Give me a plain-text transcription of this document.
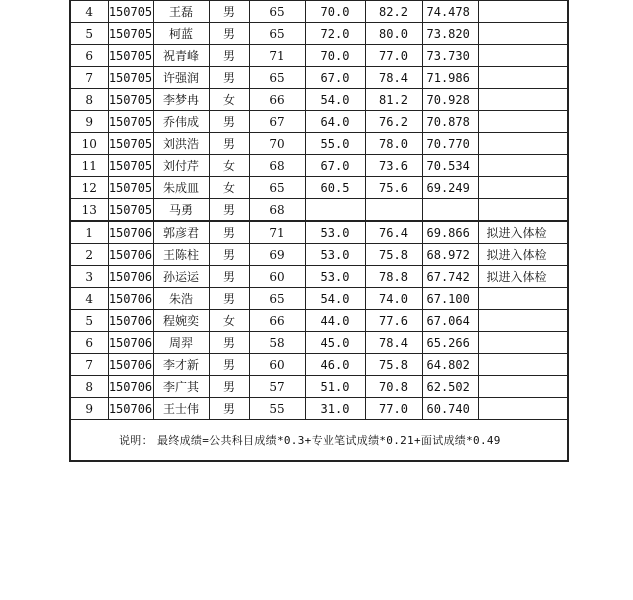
4	150705	王磊	男	65	70.0	82.2	74.478	
5	150705	柯蓝	男	65	72.0	80.0	73.820	
6	150705	祝青峰	男	71	70.0	77.0	73.730	
7	150705	许强润	男	65	67.0	78.4	71.986	
8	150705	李梦冉	女	66	54.0	81.2	70.928	
9	150705	乔伟成	男	67	64.0	76.2	70.878	
10	150705	刘洪浩	男	70	55.0	78.0	70.770	
11	150705	刘付芹	女	68	67.0	73.6	70.534	
12	150705	朱成皿	女	65	60.5	75.6	69.249	
13	150705	马勇	男	68				
1	150706	郭彦君	男	71	53.0	76.4	69.866	拟进入体检
2	150706	王陈柱	男	69	53.0	75.8	68.972	拟进入体检
3	150706	孙运运	男	60	53.0	78.8	67.742	拟进入体检
4	150706	朱浩	男	65	54.0	74.0	67.100	
5	150706	程婉奕	女	66	44.0	77.6	67.064	
6	150706	周羿	男	58	45.0	78.4	65.266	
7	150706	李才新	男	60	46.0	75.8	64.802	
8	150706	李广其	男	57	51.0	70.8	62.502	
9	150706	王士伟	男	55	31.0	77.0	60.740	
说明： 最终成绩=公共科目成绩*0.3+专业笔试成绩*0.21+面试成绩*0.49								
